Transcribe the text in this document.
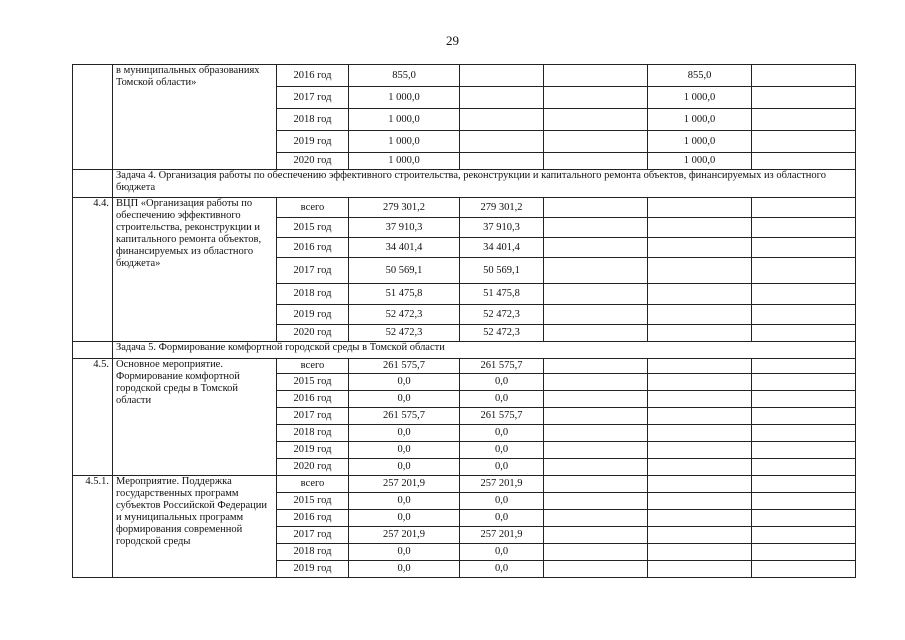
29
	в муниципальных образованиях Томской области»	2016 год	855,0			855,0	
		2017 год	1 000,0			1 000,0	
		2018 год	1 000,0			1 000,0	
		2019 год	1 000,0			1 000,0	
		2020 год	1 000,0			1 000,0	
	Задача 4. Организация работы по обеспечению эффективного строительства, реконструкции и капитального ремонта объектов, финансируемых из областного бюджета						
4.4.	ВЦП «Организация работы по обеспечению эффективного строительства, реконструкции и капитального ремонта объектов, финансируемых из областного бюджета»	всего	279 301,2	279 301,2			
		2015 год	37 910,3	37 910,3			
		2016 год	34 401,4	34 401,4			
		2017 год	50 569,1	50 569,1			
		2018 год	51 475,8	51 475,8			
		2019 год	52 472,3	52 472,3			
		2020 год	52 472,3	52 472,3			
	Задача 5. Формирование комфортной городской среды в Томской области						
4.5.	Основное мероприятие. Формирование комфортной городской среды в Томской области	всего	261 575,7	261 575,7			
		2015 год	0,0	0,0			
		2016 год	0,0	0,0			
		2017 год	261 575,7	261 575,7			
		2018 год	0,0	0,0			
		2019 год	0,0	0,0			
		2020 год	0,0	0,0			
4.5.1.	Мероприятие. Поддержка государственных программ субъектов Российской Федерации и муниципальных программ формирования современной городской среды	всего	257 201,9	257 201,9			
		2015 год	0,0	0,0			
		2016 год	0,0	0,0			
		2017 год	257 201,9	257 201,9			
		2018 год	0,0	0,0			
		2019 год	0,0	0,0			
